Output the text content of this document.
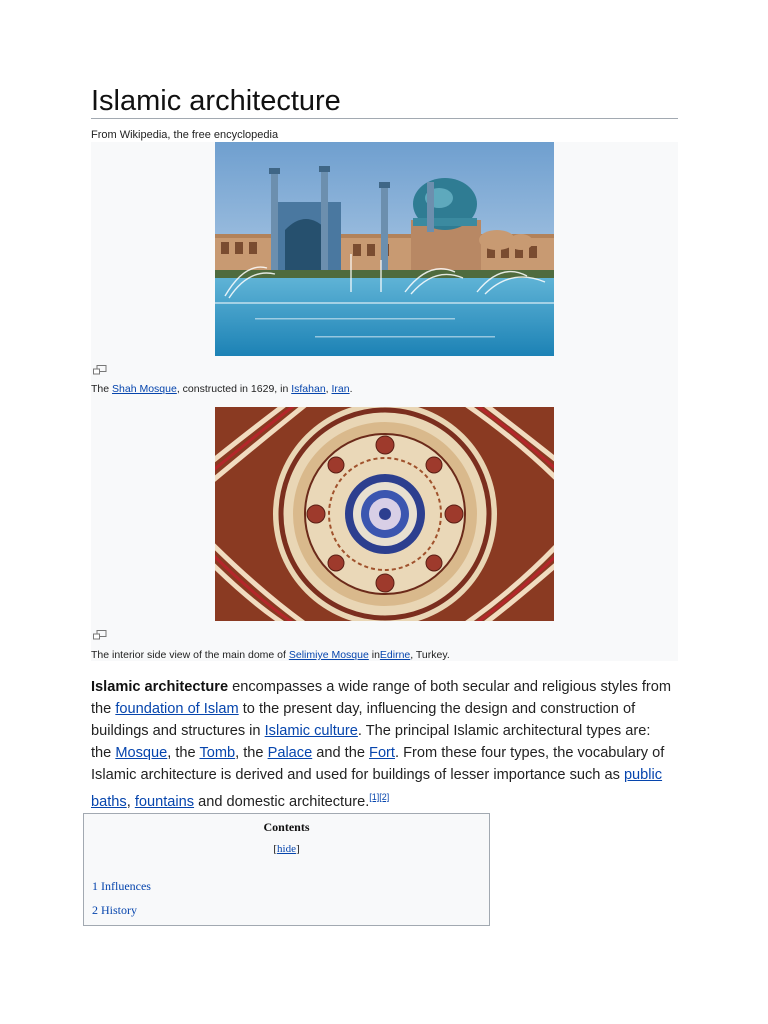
Islamic architecture
From Wikipedia, the free encyclopedia
The Shah Mosque, constructed in 1629, in Isfahan, Iran.
The interior side view of the main dome of Selimiye Mosque inEdirne, Turkey.
Islamic architecture encompasses a wide range of both secular and religious styles from the foundation of Islam to the present day, influencing the design and construction of buildings and structures in Islamic culture. The principal Islamic architectural types are: the Mosque, the Tomb, the Palace and the Fort. From these four types, the vocabulary of Islamic architecture is derived and used for buildings of lesser importance such as public baths, fountains and domestic architecture.[1][2]
Contents
[hide]
1 Influences
2 History
